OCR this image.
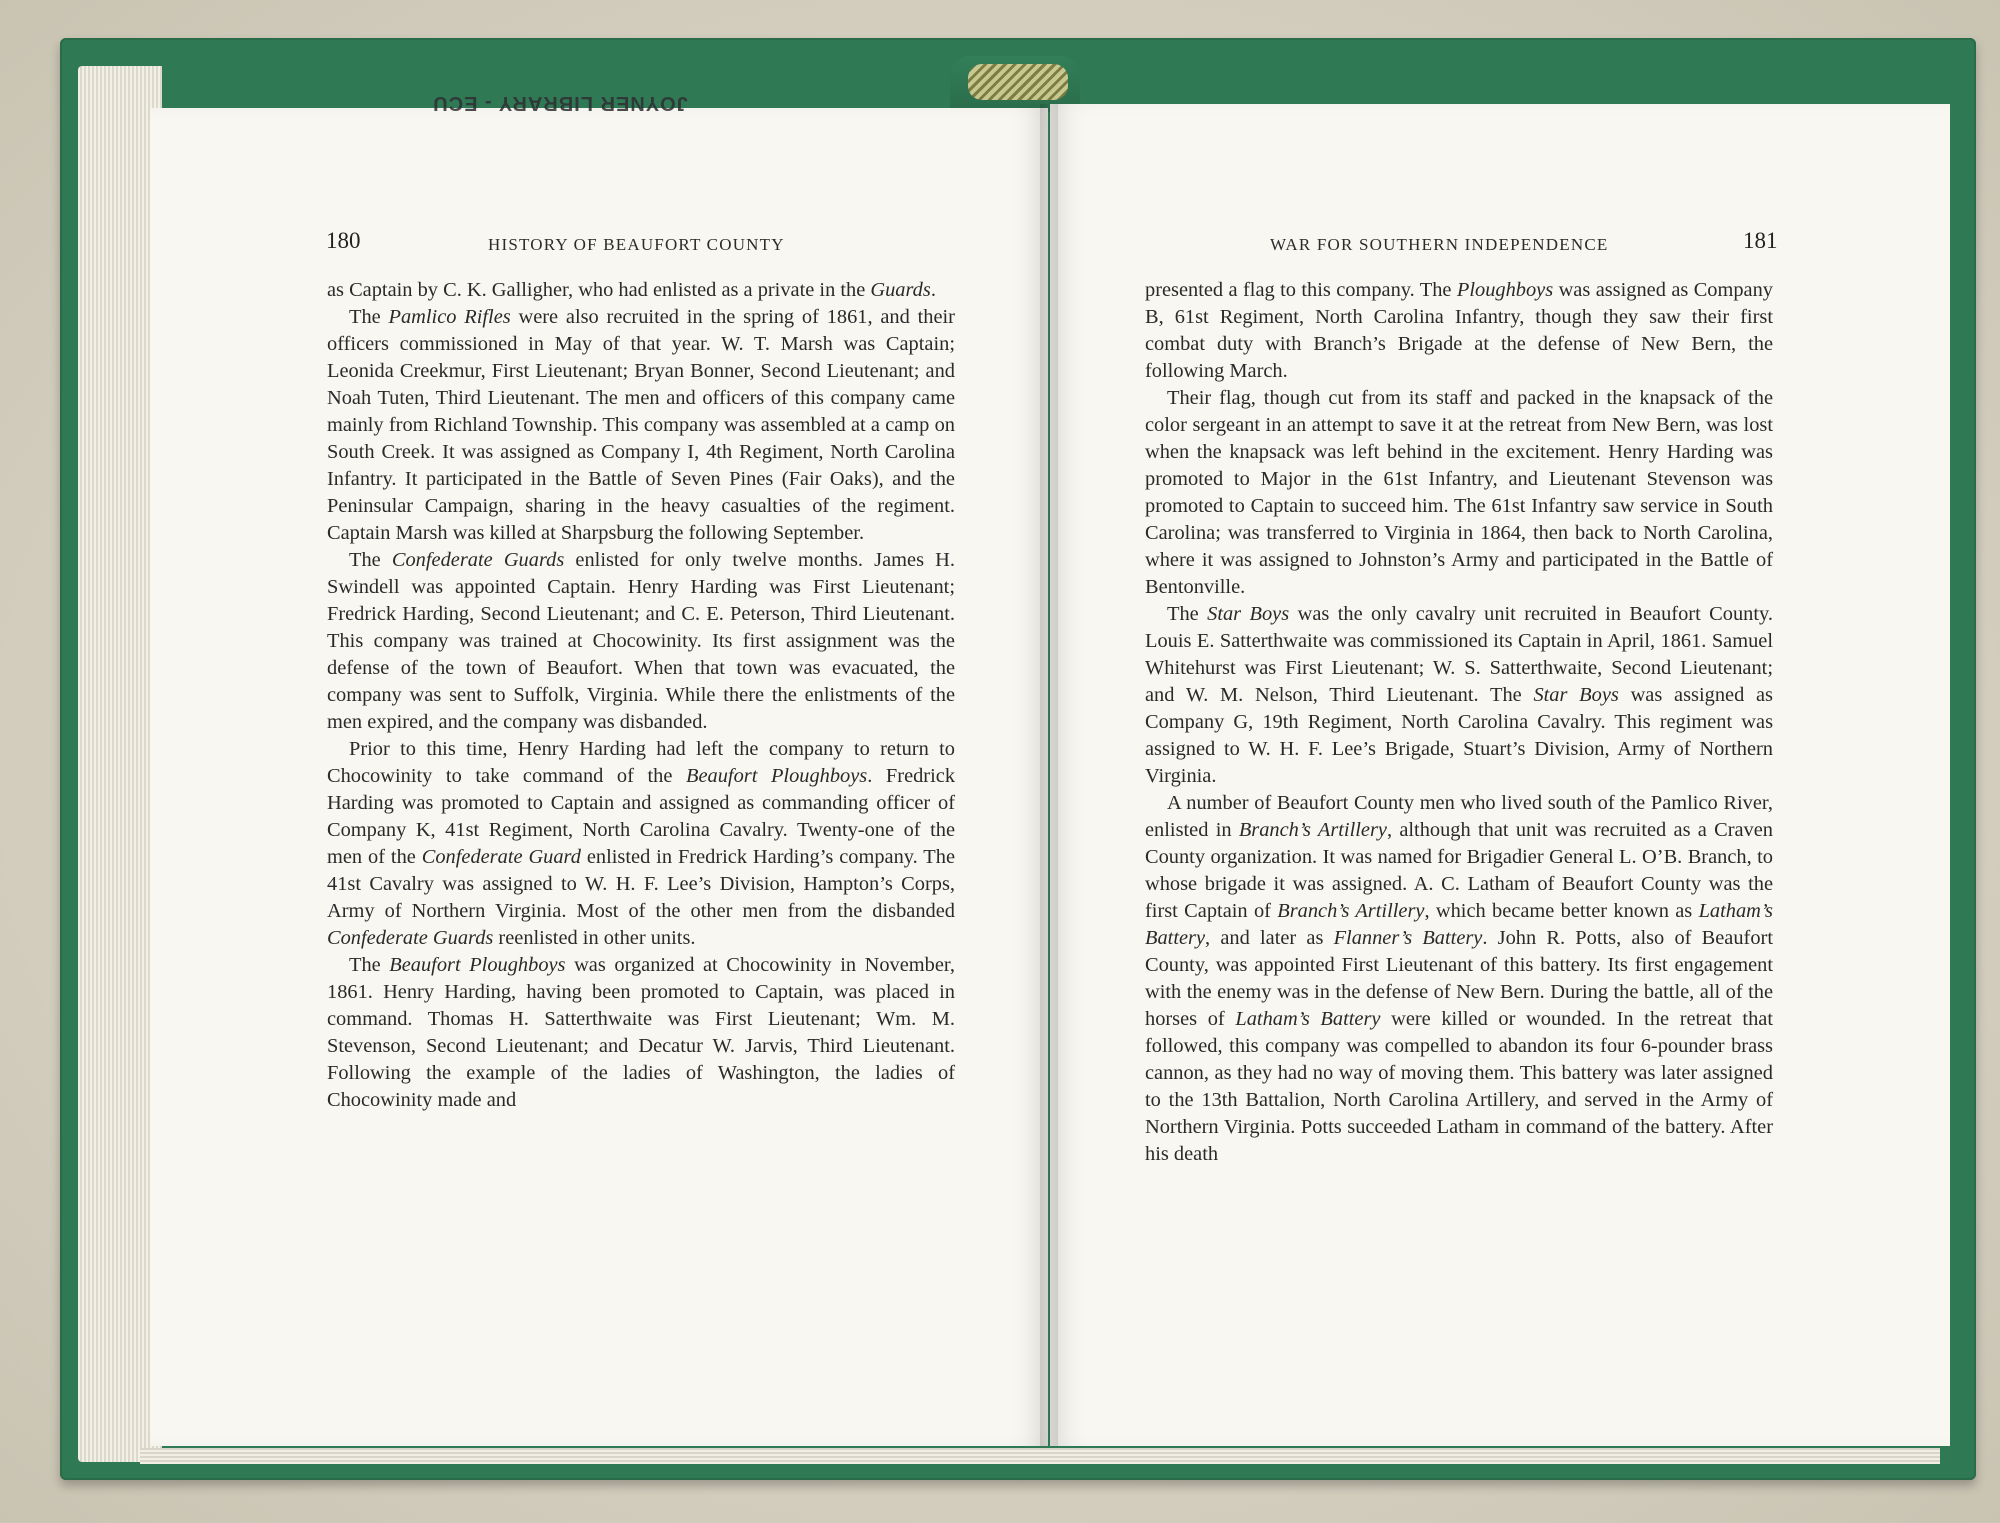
JOYNER LIBRARY - ECU
180	HISTORY OF BEAUFORT COUNTY

as Captain by C. K. Galligher, who had enlisted as a private in the Guards.

The Pamlico Rifles were also recruited in the spring of 1861, and their officers commissioned in May of that year. W. T. Marsh was Captain; Leonida Creekmur, First Lieutenant; Bryan Bonner, Second Lieutenant; and Noah Tuten, Third Lieutenant. The men and officers of this company came mainly from Richland Township. This company was assembled at a camp on South Creek. It was assigned as Company I, 4th Regiment, North Carolina Infantry. It participated in the Battle of Seven Pines (Fair Oaks), and the Peninsular Campaign, sharing in the heavy casualties of the regiment. Captain Marsh was killed at Sharpsburg the following September.

The Confederate Guards enlisted for only twelve months. James H. Swindell was appointed Captain. Henry Harding was First Lieutenant; Fredrick Harding, Second Lieutenant; and C. E. Peterson, Third Lieutenant. This company was trained at Chocowinity. Its first assignment was the defense of the town of Beaufort. When that town was evacuated, the company was sent to Suffolk, Virginia. While there the enlistments of the men expired, and the company was disbanded.

Prior to this time, Henry Harding had left the company to return to Chocowinity to take command of the Beaufort Ploughboys. Fredrick Harding was promoted to Captain and assigned as commanding officer of Company K, 41st Regiment, North Carolina Cavalry. Twenty-one of the men of the Confederate Guard enlisted in Fredrick Harding’s company. The 41st Cavalry was assigned to W. H. F. Lee’s Division, Hampton’s Corps, Army of Northern Virginia. Most of the other men from the disbanded Confederate Guards reenlisted in other units.

The Beaufort Ploughboys was organized at Chocowinity in November, 1861. Henry Harding, having been promoted to Captain, was placed in command. Thomas H. Satterthwaite was First Lieutenant; Wm. M. Stevenson, Second Lieutenant; and Decatur W. Jarvis, Third Lieutenant. Following the example of the ladies of Washington, the ladies of Chocowinity made and

WAR FOR SOUTHERN INDEPENDENCE	181

presented a flag to this company. The Ploughboys was assigned as Company B, 61st Regiment, North Carolina Infantry, though they saw their first combat duty with Branch’s Brigade at the defense of New Bern, the following March.

Their flag, though cut from its staff and packed in the knapsack of the color sergeant in an attempt to save it at the retreat from New Bern, was lost when the knapsack was left behind in the excitement. Henry Harding was promoted to Major in the 61st Infantry, and Lieutenant Stevenson was promoted to Captain to succeed him. The 61st Infantry saw service in South Carolina; was transferred to Virginia in 1864, then back to North Carolina, where it was assigned to Johnston’s Army and participated in the Battle of Bentonville.

The Star Boys was the only cavalry unit recruited in Beaufort County. Louis E. Satterthwaite was commissioned its Captain in April, 1861. Samuel Whitehurst was First Lieutenant; W. S. Satterthwaite, Second Lieutenant; and W. M. Nelson, Third Lieutenant. The Star Boys was assigned as Company G, 19th Regiment, North Carolina Cavalry. This regiment was assigned to W. H. F. Lee’s Brigade, Stuart’s Division, Army of Northern Virginia.

A number of Beaufort County men who lived south of the Pamlico River, enlisted in Branch’s Artillery, although that unit was recruited as a Craven County organization. It was named for Brigadier General L. O’B. Branch, to whose brigade it was assigned. A. C. Latham of Beaufort County was the first Captain of Branch’s Artillery, which became better known as Latham’s Battery, and later as Flanner’s Battery. John R. Potts, also of Beaufort County, was appointed First Lieutenant of this battery. Its first engagement with the enemy was in the defense of New Bern. During the battle, all of the horses of Latham’s Battery were killed or wounded. In the retreat that followed, this company was compelled to abandon its four 6-pounder brass cannon, as they had no way of moving them. This battery was later assigned to the 13th Battalion, North Carolina Artillery, and served in the Army of Northern Virginia. Potts succeeded Latham in command of the battery. After his death
